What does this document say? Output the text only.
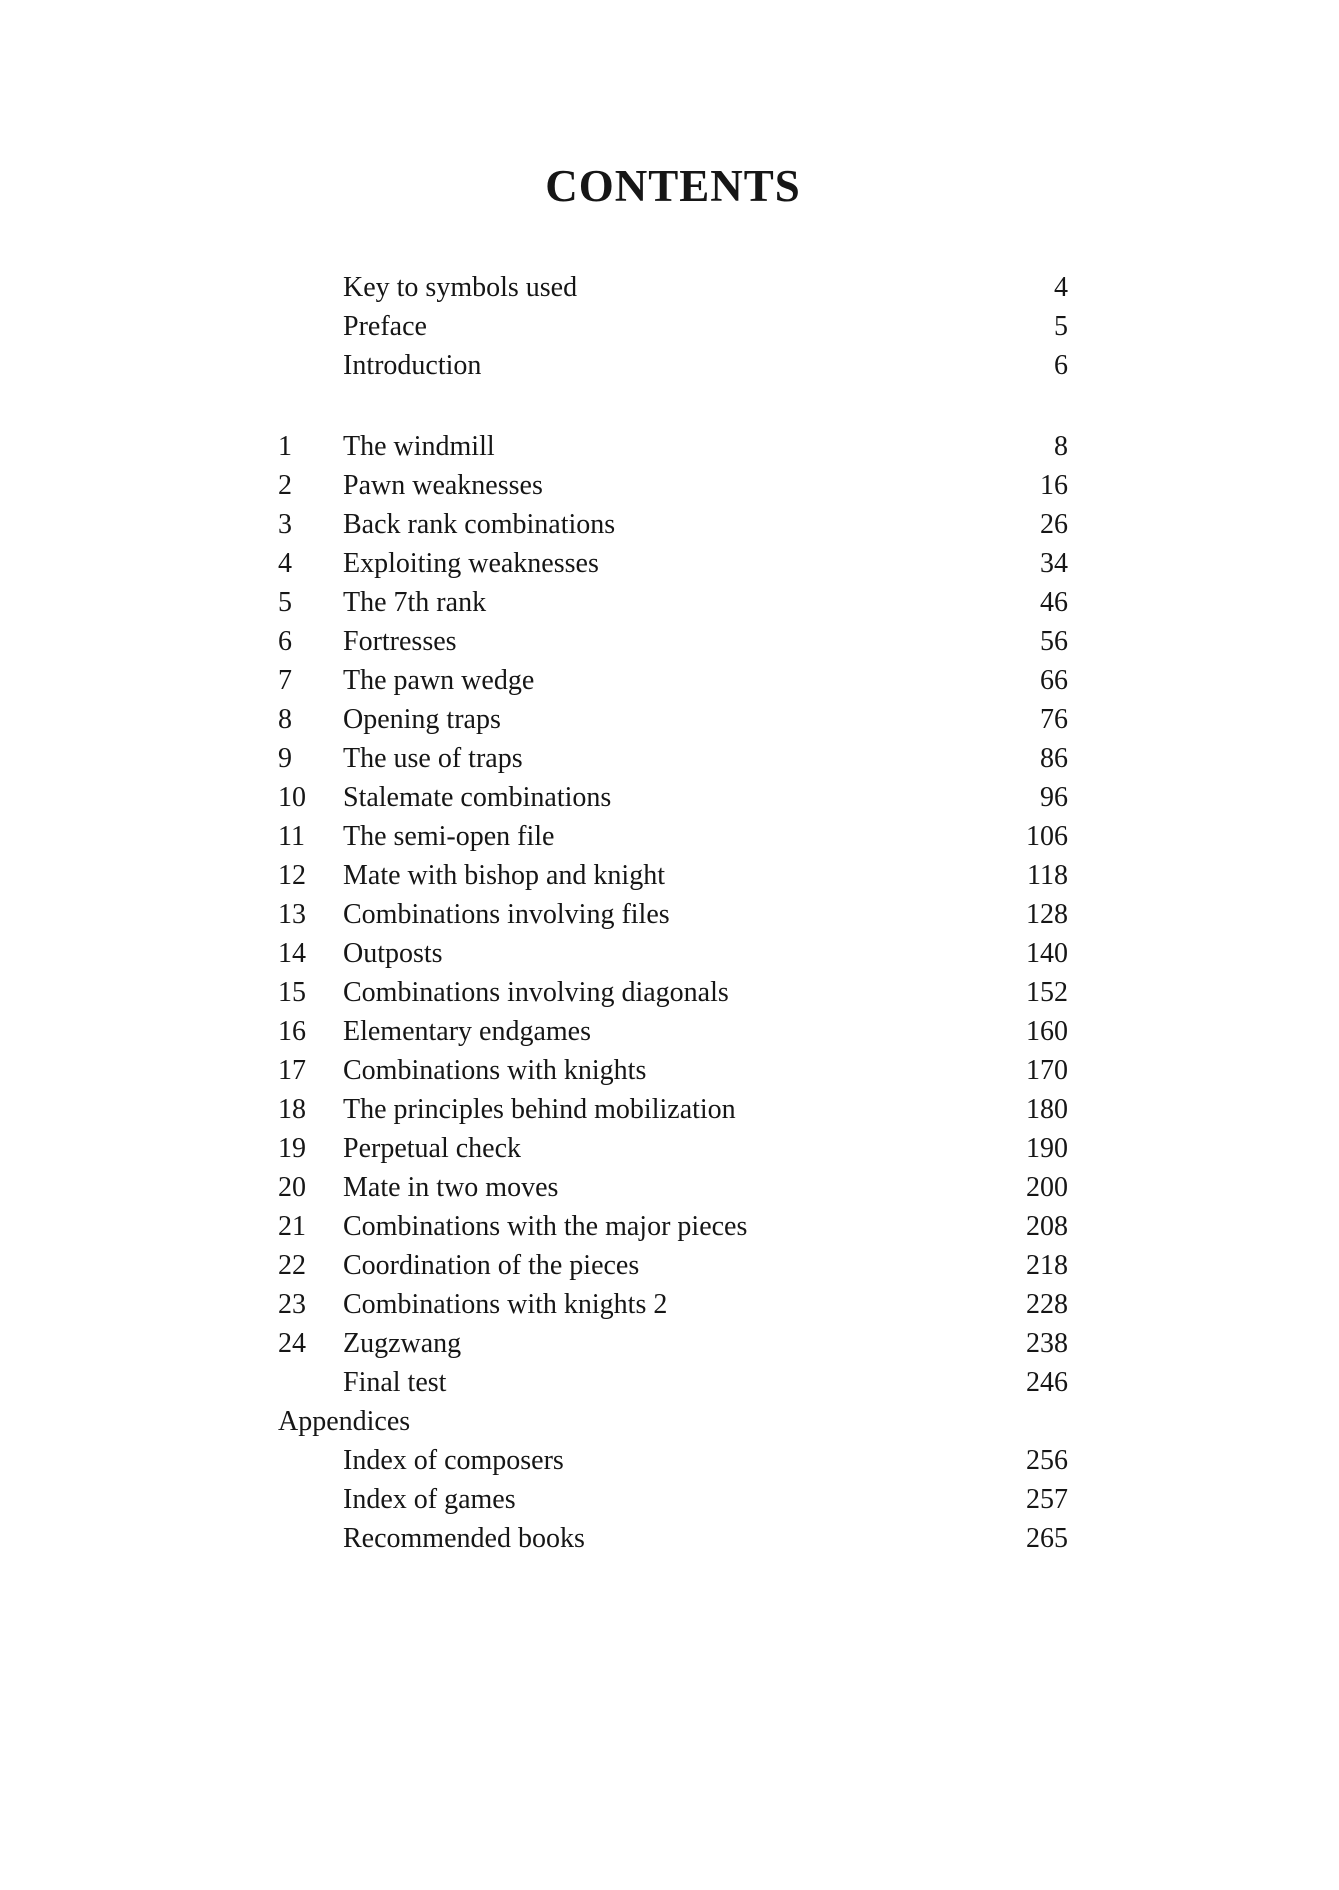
CONTENTS
Key to symbols used	4
Preface	5
Introduction	6
1	The windmill	8
2	Pawn weaknesses	16
3	Back rank combinations	26
4	Exploiting weaknesses	34
5	The 7th rank	46
6	Fortresses	56
7	The pawn wedge	66
8	Opening traps	76
9	The use of traps	86
10	Stalemate combinations	96
11	The semi-open file	106
12	Mate with bishop and knight	118
13	Combinations involving files	128
14	Outposts	140
15	Combinations involving diagonals	152
16	Elementary endgames	160
17	Combinations with knights	170
18	The principles behind mobilization	180
19	Perpetual check	190
20	Mate in two moves	200
21	Combinations with the major pieces	208
22	Coordination of the pieces	218
23	Combinations with knights 2	228
24	Zugzwang	238
Final test	246
Appendices
Index of composers	256
Index of games	257
Recommended books	265
